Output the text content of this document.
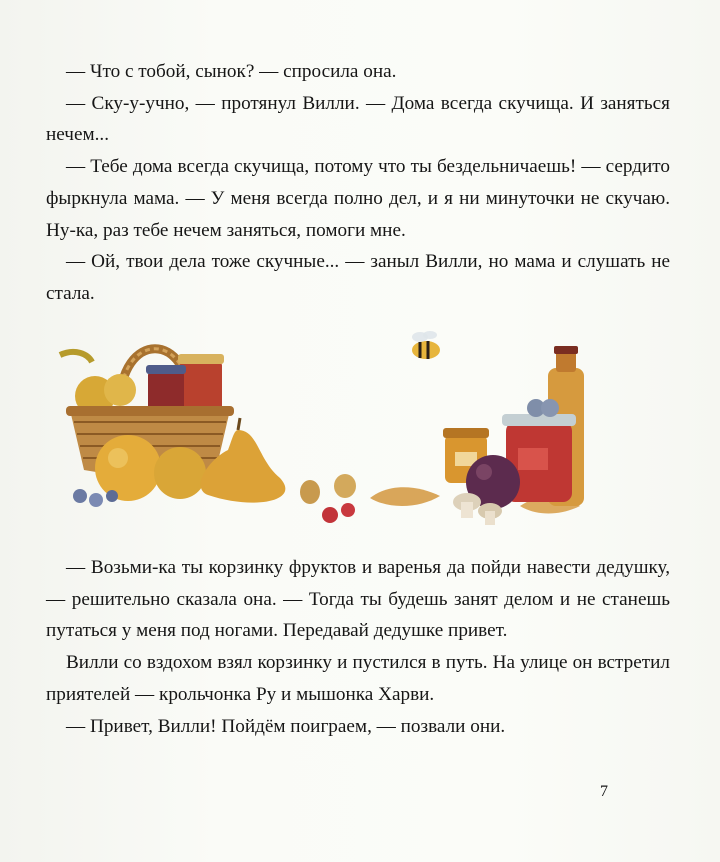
— Что с тобой, сынок? — спросила она.

— Ску-у-учно, — протянул Вилли. — Дома всегда скучища. И заняться нечем...

— Тебе дома всегда скучища, потому что ты бездельничаешь! — сердито фыркнула мама. — У меня всегда полно дел, и я ни минуточки не скучаю. Ну-ка, раз тебе нечем заняться, помоги мне.

— Ой, твои дела тоже скучные... — заныл Вилли, но мама и слушать не стала.

— Возьми-ка ты корзинку фруктов и варенья да пойди навести дедушку, — решительно сказала она. — Тогда ты будешь занят делом и не станешь путаться у меня под ногами. Передавай дедушке привет.

Вилли со вздохом взял корзинку и пустился в путь. На улице он встретил приятелей — крольчонка Ру и мышонка Харви.

— Привет, Вилли! Пойдём поиграем, — позвали они.

7
